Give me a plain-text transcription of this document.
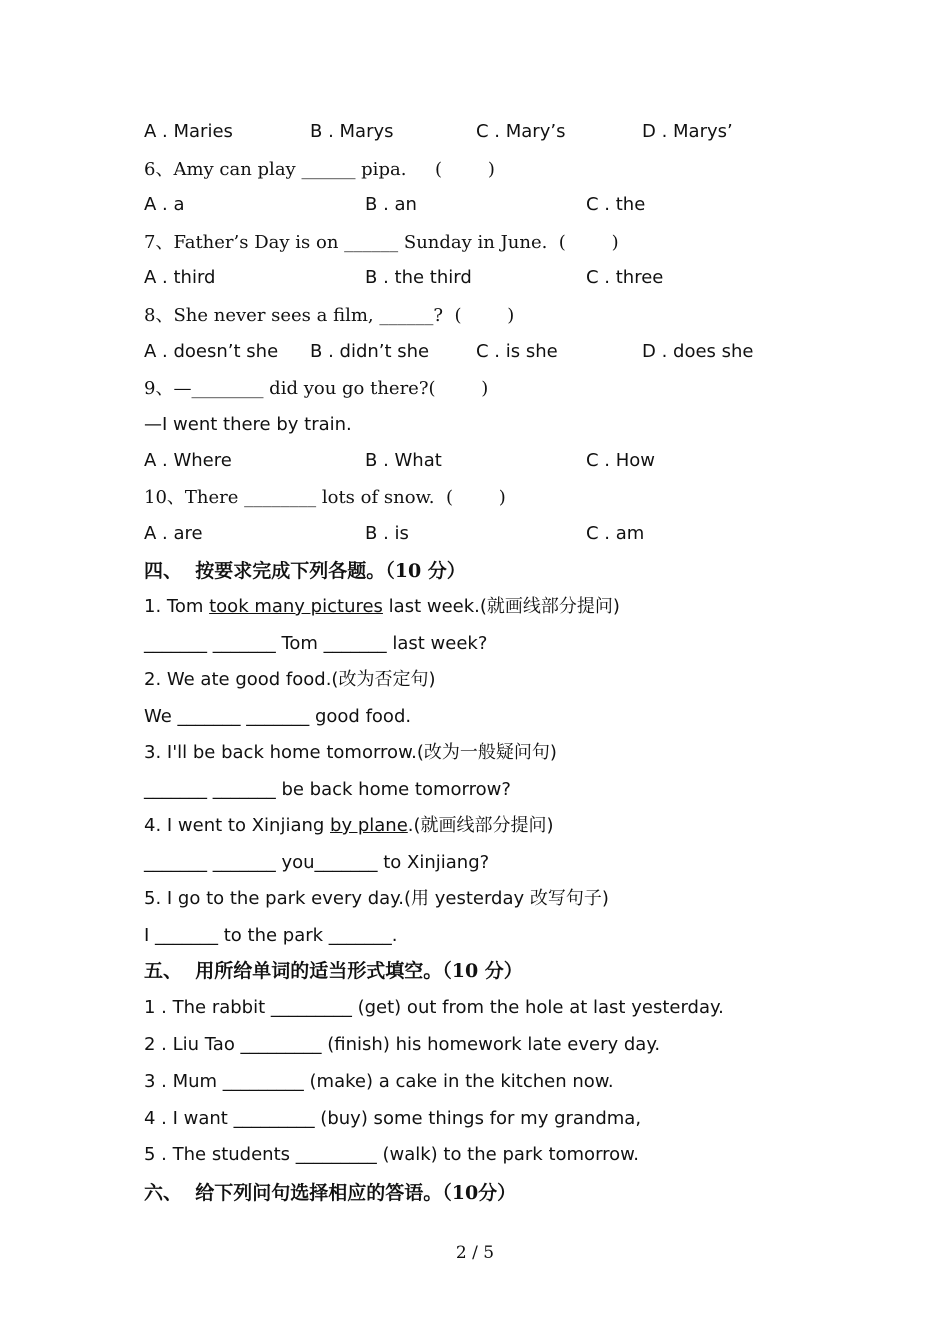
A . Maries	B . Marys	C . Mary’s	D . Marys’
6、Amy can play ______ pipa.     (        )
A . a	B . an	C . the
7、Father’s Day is on ______ Sunday in June.  (        )
A . third	B . the third	C . three
8、She never sees a film, ______?  (        )
A . doesn’t she B . didn’t she	C . is she	D . does she
9、—________ did you go there?(        )
—I went there by train.
A . Where	B . What	C . How
10、There ________ lots of snow.  (        )
A . are	B . is	C . am
四、  按要求完成下列各题。（10 分）
1. Tom took many pictures last week.(就画线部分提问)
_______ _______ Tom _______ last week?
2. We ate good food.(改为否定句)
We _______ _______ good food.
3. I'll be back home tomorrow.(改为一般疑问句)
_______ _______ be back home tomorrow?
4. I went to Xinjiang by plane.(就画线部分提问)
_______ _______ you_______ to Xinjiang?
5. I go to the park every day.(用 yesterday 改写句子)
I _______ to the park _______.
五、  用所给单词的适当形式填空。（10 分）
1 . The rabbit _________ (get) out from the hole at last yesterday.
2 . Liu Tao _________ (finish) his homework late every day.
3 . Mum _________ (make) a cake in the kitchen now.
4 . I want _________ (buy) some things for my grandma,
5 . The students _________ (walk) to the park tomorrow.
六、  给下列问句选择相应的答语。（10分）
2 / 5
